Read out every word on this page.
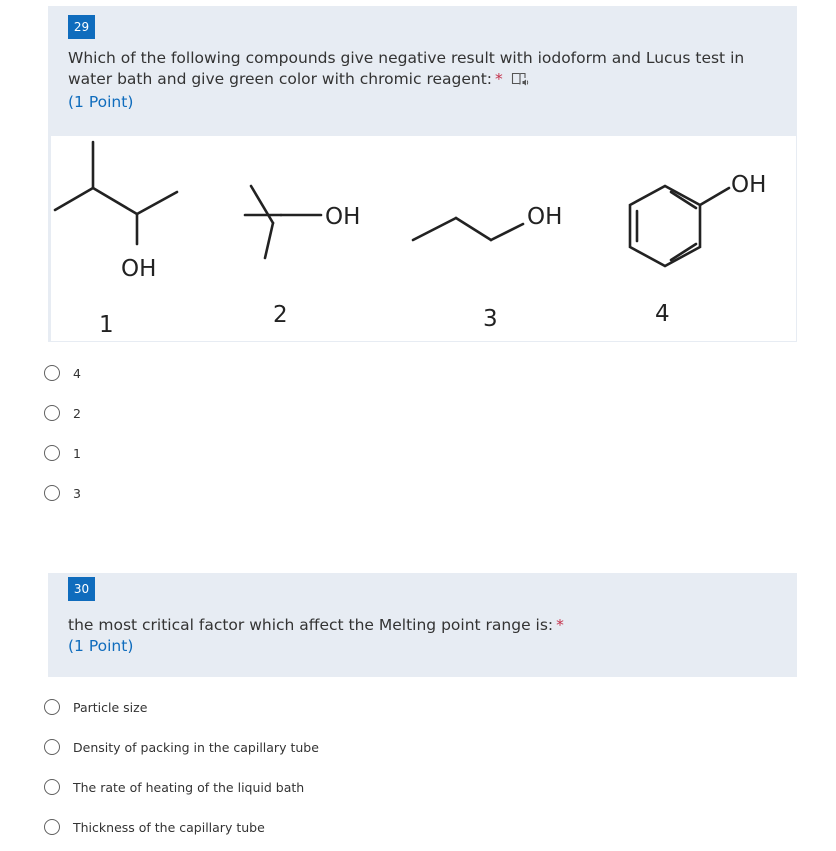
29
Which of the following compounds give negative result with iodoform and Lucus test in water bath and give green color with chromic reagent: *
(1 Point)
OH
OH	OH
OH
1	2	3	4
4
2
1
3
30
the most critical factor which affect the Melting point range is: *
(1 Point)
Particle size
Density of packing in the capillary tube
The rate of heating of the liquid bath
Thickness of the capillary tube
